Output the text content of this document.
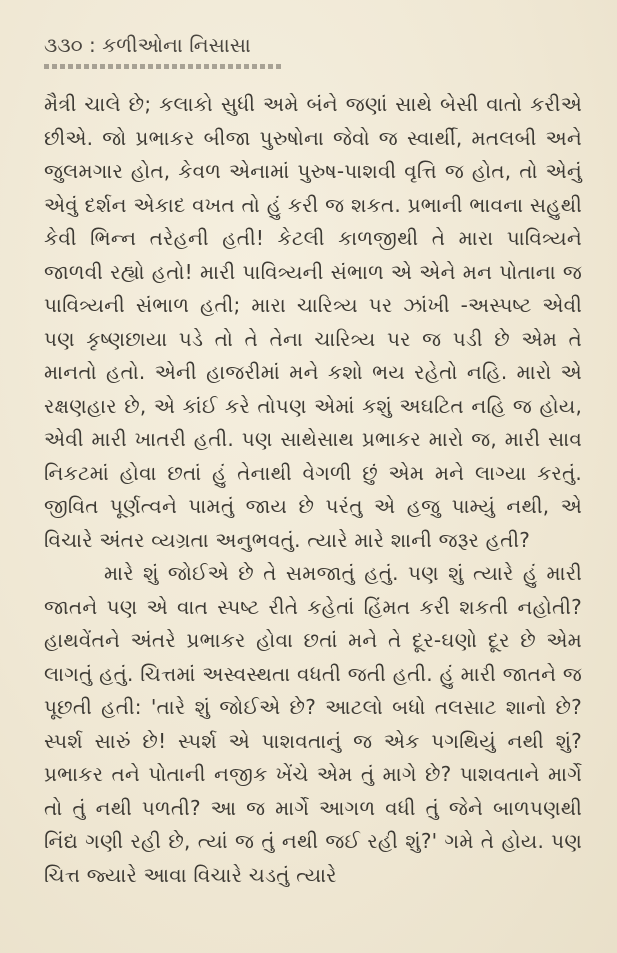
૩૩૦ : કળીઓના નિસાસા

મૈત્રી ચાલે છે; કલાકો સુધી અમે બંને જણાં સાથે બેસી વાતો કરીએ છીએ. જો પ્રભાકર બીજા પુરુષોના જેવો જ સ્વાર્થી, મતલબી અને જુલમગાર હોત, કેવળ એનામાં પુરુષ-પાશવી વૃત્તિ જ હોત, તો એનું એવું દર્શન એકાદ વખત તો હું કરી જ શકત. પ્રભાની ભાવના સહુથી કેવી ભિન્ન તરેહની હતી! કેટલી કાળજીથી તે મારા પાવિત્ર્યને જાળવી રહ્યો હતો! મારી પાવિત્ર્યની સંભાળ એ એને મન પોતાના જ પાવિત્ર્યની સંભાળ હતી; મારા ચારિત્ર્ય પર ઝાંખી -અસ્પષ્ટ એવી પણ કૃષ્ણછાયા પડે તો તે તેના ચારિત્ર્ય પર જ પડી છે એમ તે માનતો હતો. એની હાજરીમાં મને કશો ભય રહેતો નહિ. મારો એ રક્ષણહાર છે, એ કાંઈ કરે તોપણ એમાં કશું અઘટિત નહિ જ હોય, એવી મારી ખાતરી હતી. પણ સાથેસાથ પ્રભાકર મારો જ, મારી સાવ નિકટમાં હોવા છતાં હું તેનાથી વેગળી છું એમ મને લાગ્યા કરતું. જીવિત પૂર્ણત્વને પામતું જાય છે પરંતુ એ હજુ પામ્યું નથી, એ વિચારે અંતર વ્યગ્રતા અનુભવતું. ત્યારે મારે શાની જરૂર હતી?

મારે શું જોઈએ છે તે સમજાતું હતું. પણ શું ત્યારે હું મારી જાતને પણ એ વાત સ્પષ્ટ રીતે કહેતાં હિંમત કરી શકતી નહોતી? હાથવેંતને અંતરે પ્રભાકર હોવા છતાં મને તે દૂર-ઘણો દૂર છે એમ લાગતું હતું. ચિત્તમાં અસ્વસ્થતા વધતી જતી હતી. હું મારી જાતને જ પૂછતી હતી: 'તારે શું જોઈએ છે? આટલો બધો તલસાટ શાનો છે? સ્પર્શ સારું છે! સ્પર્શ એ પાશવતાનું જ એક પગથિયું નથી શું? પ્રભાકર તને પોતાની નજીક ખેંચે એમ તું માગે છે? પાશવતાને માર્ગે તો તું નથી પળતી? આ જ માર્ગે આગળ વધી તું જેને બાળપણથી નિંદ્ય ગણી રહી છે, ત્યાં જ તું નથી જઈ રહી શું?' ગમે તે હોય. પણ ચિત્ત જ્યારે આવા વિચારે ચડતું ત્યારે
